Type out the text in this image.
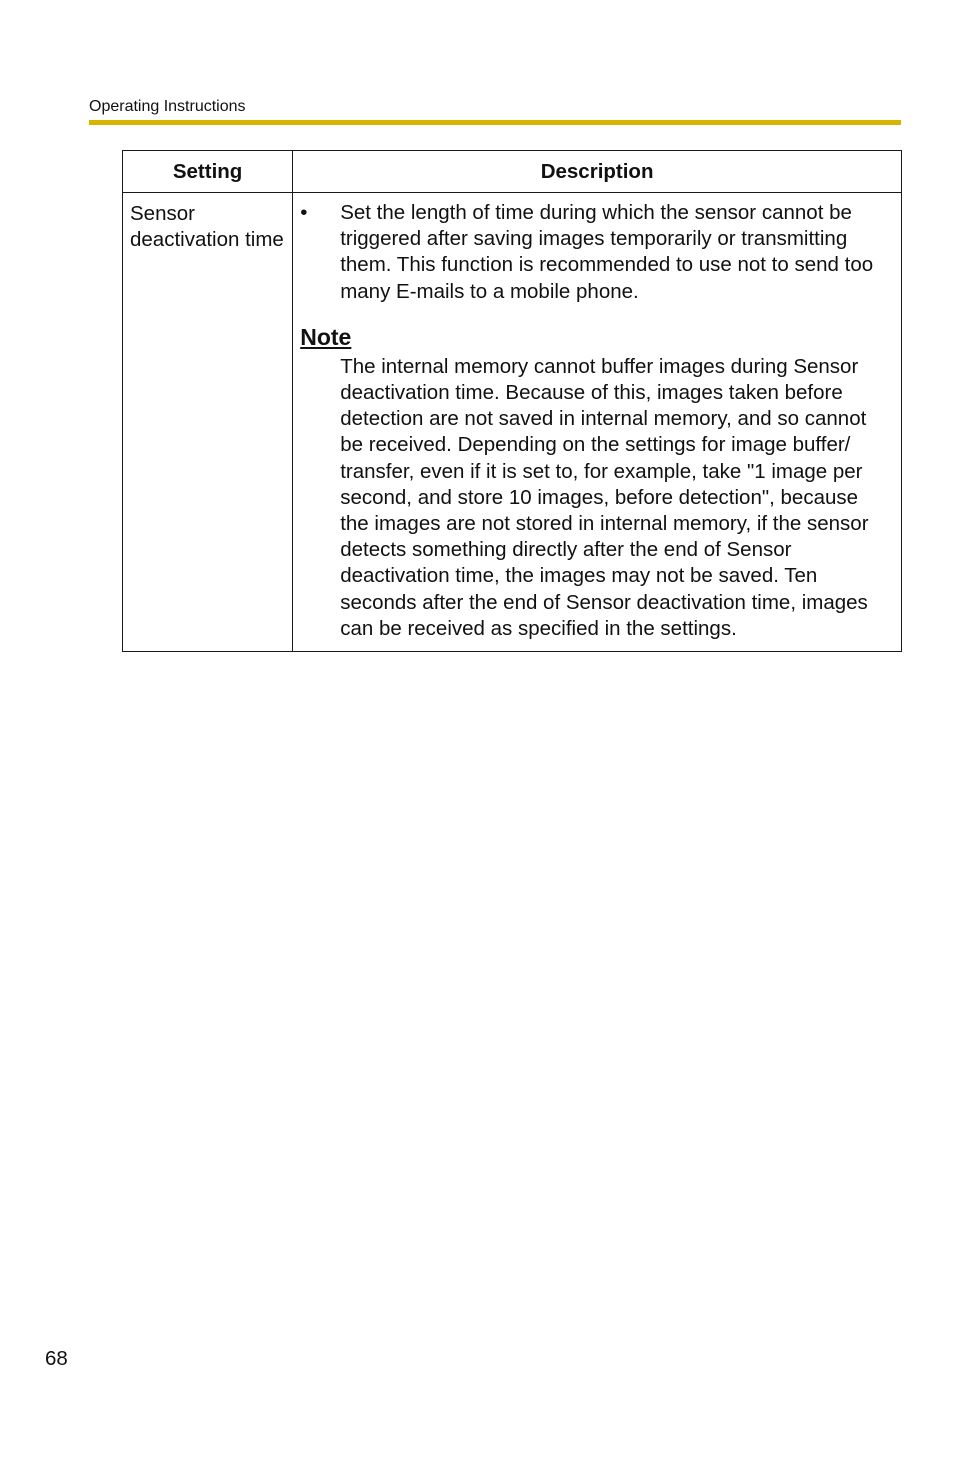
Operating Instructions
Setting	Description
Sensor deactivation time	• Set the length of time during which the sensor cannot be triggered after saving images temporarily or transmitting them. This function is recommended to use not to send too many E-mails to a mobile phone.
Note
The internal memory cannot buffer images during Sensor deactivation time. Because of this, images taken before detection are not saved in internal memory, and so cannot be received. Depending on the settings for image buffer/ transfer, even if it is set to, for example, take "1 image per second, and store 10 images, before detection", because the images are not stored in internal memory, if the sensor detects something directly after the end of Sensor deactivation time, the images may not be saved. Ten seconds after the end of Sensor deactivation time, images can be received as specified in the settings.
68
